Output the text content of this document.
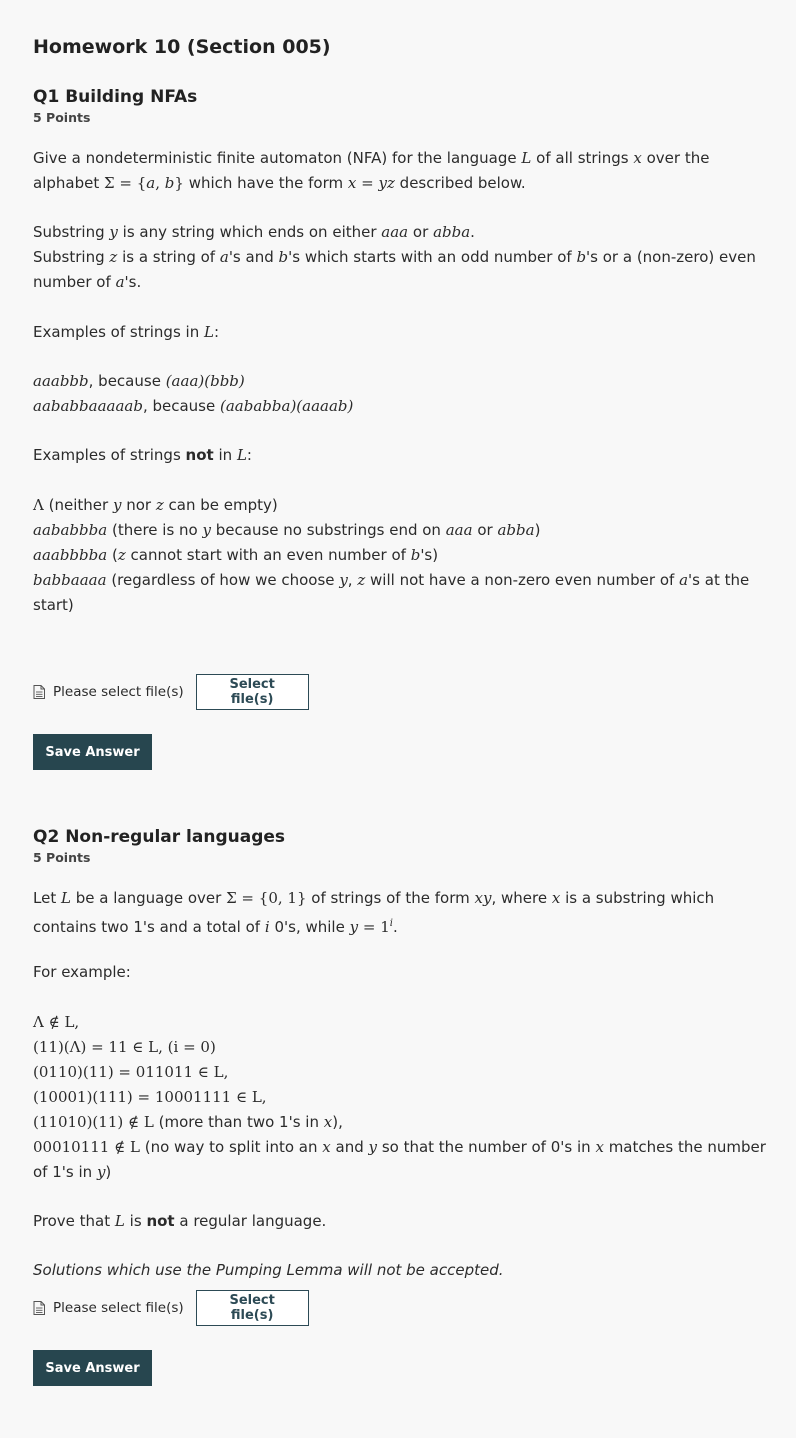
Homework 10 (Section 005)
Q1 Building NFAs
5 Points
Give a nondeterministic finite automaton (NFA) for the language L of all strings x over the alphabet Σ = {a, b} which have the form x = yz described below.
Substring y is any string which ends on either aaa or abba.
Substring z is a string of a's and b's which starts with an odd number of b's or a (non-zero) even number of a's.
Examples of strings in L:
aaabbb, because (aaa)(bbb)
aababbaaaaab, because (aababba)(aaaab)
Examples of strings not in L:
Λ (neither y nor z can be empty)
aababbba (there is no y because no substrings end on aaa or abba)
aaabbbba (z cannot start with an even number of b's)
babbaaaa (regardless of how we choose y, z will not have a non-zero even number of a's at the start)
Please select file(s)	Select file(s)
Save Answer
Q2 Non-regular languages
5 Points
Let L be a language over Σ = {0, 1} of strings of the form xy, where x is a substring which contains two 1's and a total of i 0's, while $y = 1^i$.
For example:
Λ ∉ L,
(11)(Λ) = 11 ∈ L, (i = 0)
(0110)(11) = 011011 ∈ L,
(10001)(111) = 10001111 ∈ L,
(11010)(11) ∉ L (more than two 1's in x),
00010111 ∉ L (no way to split into an x and y so that the number of 0's in x matches the number of 1's in y)
Prove that L is not a regular language.
Solutions which use the Pumping Lemma will not be accepted.
Please select file(s)	Select file(s)
Save Answer
